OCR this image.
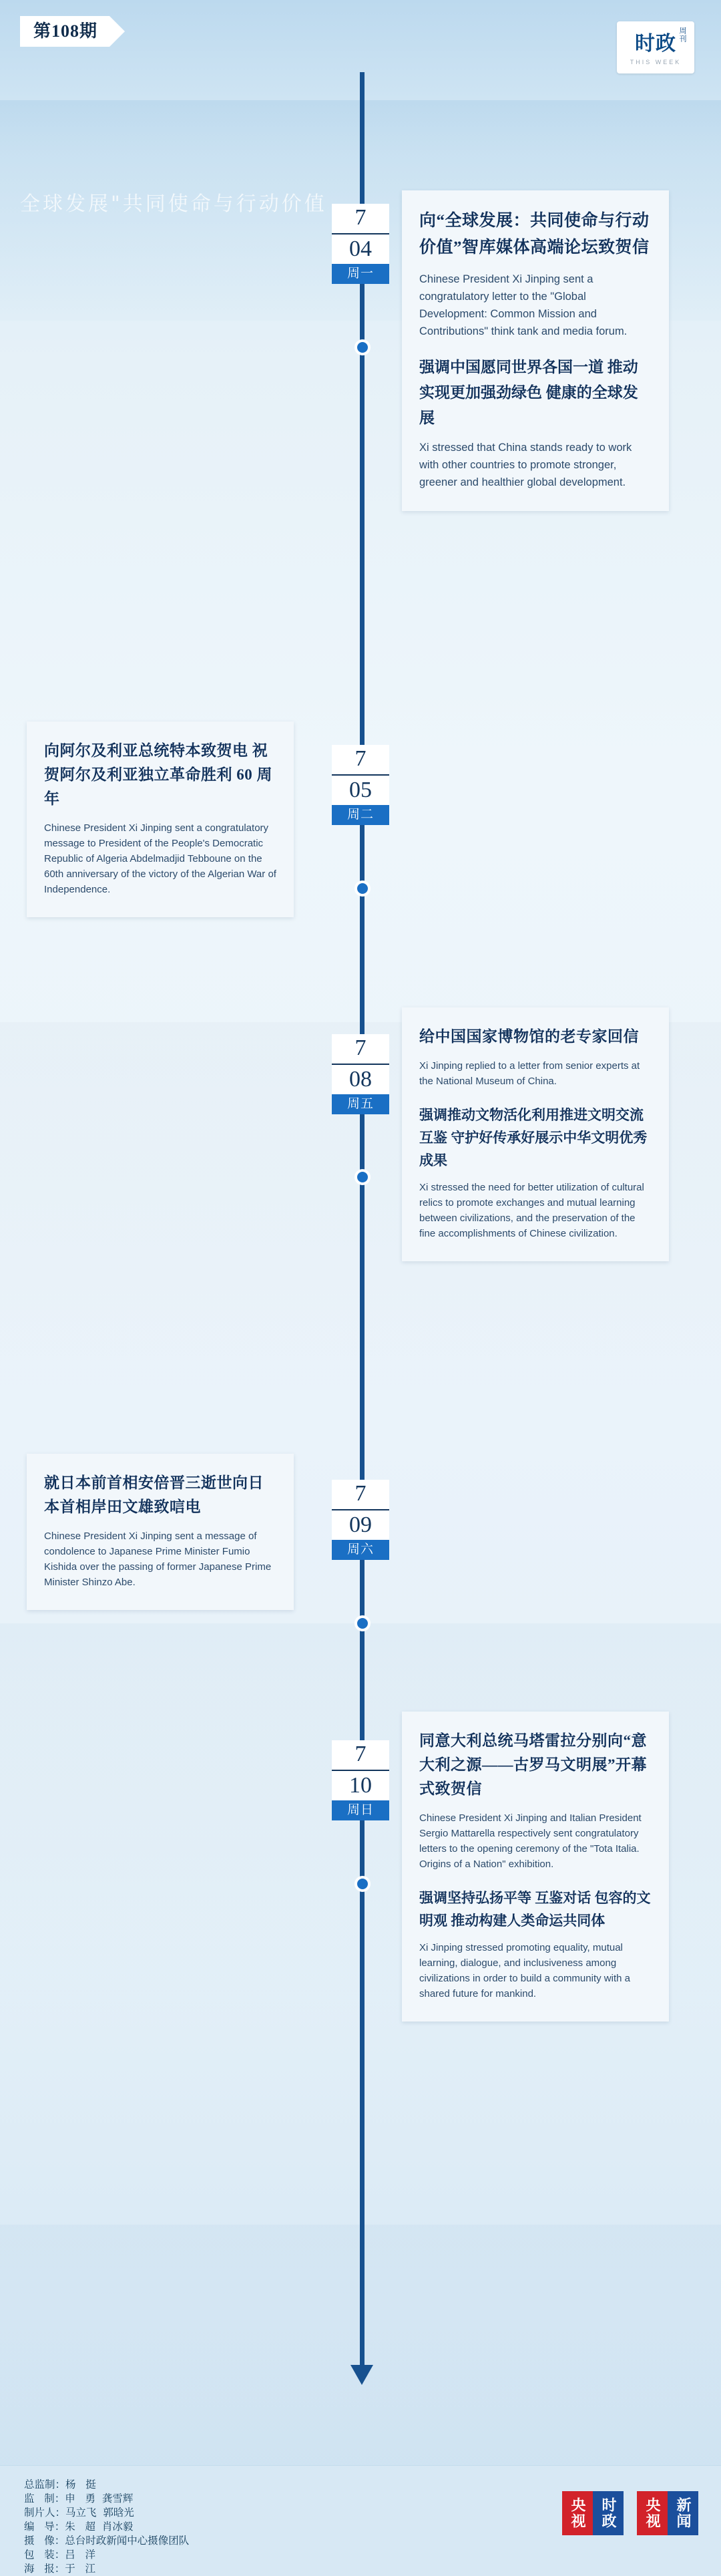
全球发展"共同使命与行动价值
第108期
时政 周刊
THIS WEEK
7
04
周一
向“全球发展：共同使命与行动价值”智库媒体高端论坛致贺信

Chinese President Xi Jinping sent a congratulatory letter to the "Global Development: Common Mission and Contributions" think tank and media forum.

强调中国愿同世界各国一道 推动实现更加强劲绿色 健康的全球发展

Xi stressed that China stands ready to work with other countries to promote stronger, greener and healthier global development.

7
05
周二
向阿尔及利亚总统特本致贺电 祝贺阿尔及利亚独立革命胜利 60 周年

Chinese President Xi Jinping sent a congratulatory message to President of the People's Democratic Republic of Algeria Abdelmadjid Tebboune on the 60th anniversary of the victory of the Algerian War of Independence.

7
08
周五
给中国国家博物馆的老专家回信

Xi Jinping replied to a letter from senior experts at the National Museum of China.

强调推动文物活化利用推进文明交流互鉴 守护好传承好展示中华文明优秀成果

Xi stressed the need for better utilization of cultural relics to promote exchanges and mutual learning between civilizations, and the preservation of the fine accomplishments of Chinese civilization.

7
09
周六
就日本前首相安倍晋三逝世向日本首相岸田文雄致唁电

Chinese President Xi Jinping sent a message of condolence to Japanese Prime Minister Fumio Kishida over the passing of former Japanese Prime Minister Shinzo Abe.

7
10
周日
同意大利总统马塔雷拉分别向“意大利之源——古罗马文明展”开幕式致贺信

Chinese President Xi Jinping and Italian President Sergio Mattarella respectively sent congratulatory letters to the opening ceremony of the "Tota Italia. Origins of a Nation" exhibition.

强调坚持弘扬平等 互鉴对话 包容的文明观 推动构建人类命运共同体

Xi Jinping stressed promoting equality, mutual learning, dialogue, and inclusiveness among civilizations in order to build a community with a shared future for mankind.

总监制：杨   挺
监   制：申   勇  龚雪辉
制片人：马立飞  郭晗光
编   导：朱   超  肖冰毅
摄   像：总台时政新闻中心摄像团队
包   装：吕   洋
海   报：于   江
央视 时政	央视 新闻
